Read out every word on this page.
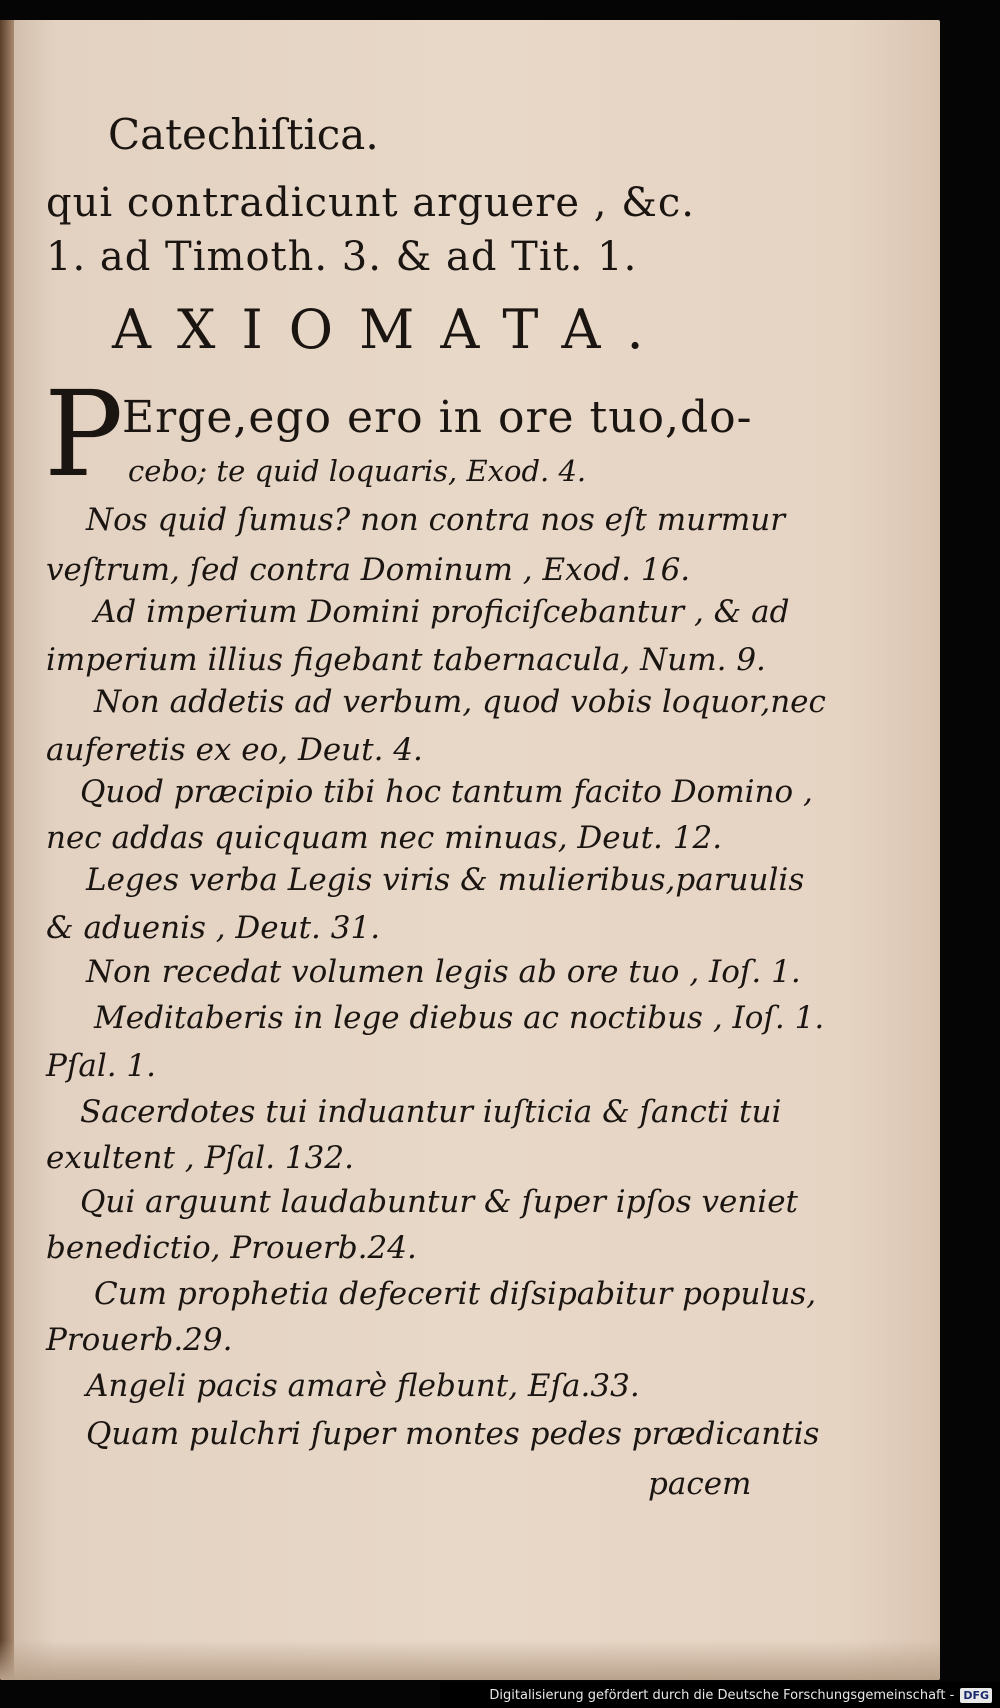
Catechiſtica.
qui contradicunt arguere , &c.
1. ad Timoth. 3. & ad Tit. 1.
AXIOMATA.
P
Erge,ego ero in ore tuo,do-
cebo; te quid loquaris, Exod. 4.
Nos quid ſumus? non contra nos eſt murmur
veſtrum, ſed contra Dominum , Exod. 16.
Ad imperium Domini proficiſcebantur , & ad
imperium illius figebant tabernacula, Num. 9.
Non addetis ad verbum, quod vobis loquor,nec
auferetis ex eo, Deut. 4.
Quod præcipio tibi hoc tantum facito Domino ,
nec addas quicquam nec minuas, Deut. 12.
Leges verba Legis viris & mulieribus,paruulis
& aduenis , Deut. 31.
Non recedat volumen legis ab ore tuo , Ioſ. 1.
Meditaberis in lege diebus ac noctibus , Ioſ. 1.
Pſal. 1.
Sacerdotes tui induantur iuſticia & ſancti tui
exultent , Pſal. 132.
Qui arguunt laudabuntur & ſuper ipſos veniet
benedictio, Prouerb.24.
Cum prophetia defecerit diſsipabitur populus,
Prouerb.29.
Angeli pacis amarè flebunt, Eſa.33.
Quam pulchri ſuper montes pedes prædicantis
pacem
Digitalisierung gefördert durch die Deutsche Forschungsgemeinschaft - DFG
